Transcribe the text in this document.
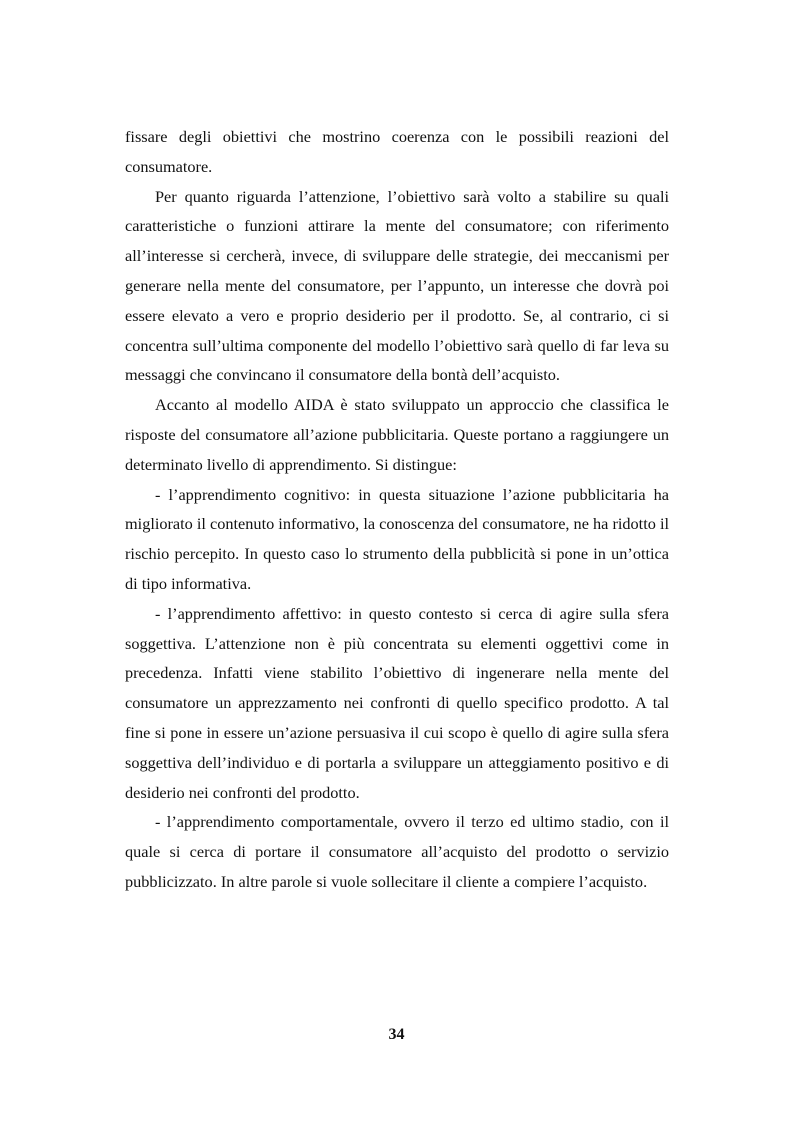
fissare degli obiettivi che mostrino coerenza con le possibili reazioni del consumatore.

Per quanto riguarda l’attenzione, l’obiettivo sarà volto a stabilire su quali caratteristiche o funzioni attirare la mente del consumatore; con riferimento all’interesse si cercherà, invece, di sviluppare delle strategie, dei meccanismi per generare nella mente del consumatore, per l’appunto, un interesse che dovrà poi essere elevato a vero e proprio desiderio per il prodotto. Se, al contrario, ci si concentra sull’ultima componente del modello l’obiettivo sarà quello di far leva su messaggi che convincano il consumatore della bontà dell’acquisto.

Accanto al modello AIDA è stato sviluppato un approccio che classifica le risposte del consumatore all’azione pubblicitaria. Queste portano a raggiungere un determinato livello di apprendimento. Si distingue:

- l’apprendimento cognitivo: in questa situazione l’azione pubblicitaria ha migliorato il contenuto informativo, la conoscenza del consumatore, ne ha ridotto il rischio percepito. In questo caso lo strumento della pubblicità si pone in un’ottica di tipo informativa.

- l’apprendimento affettivo: in questo contesto si cerca di agire sulla sfera soggettiva. L’attenzione non è più concentrata su elementi oggettivi come in precedenza. Infatti viene stabilito l’obiettivo di ingenerare nella mente del consumatore un apprezzamento nei confronti di quello specifico prodotto. A tal fine si pone in essere un’azione persuasiva il cui scopo è quello di agire sulla sfera soggettiva dell’individuo e di portarla a sviluppare un atteggiamento positivo e di desiderio nei confronti del prodotto.

- l’apprendimento comportamentale, ovvero il terzo ed ultimo stadio, con il quale si cerca di portare il consumatore all’acquisto del prodotto o servizio pubblicizzato. In altre parole si vuole sollecitare il cliente a compiere l’acquisto.

34
